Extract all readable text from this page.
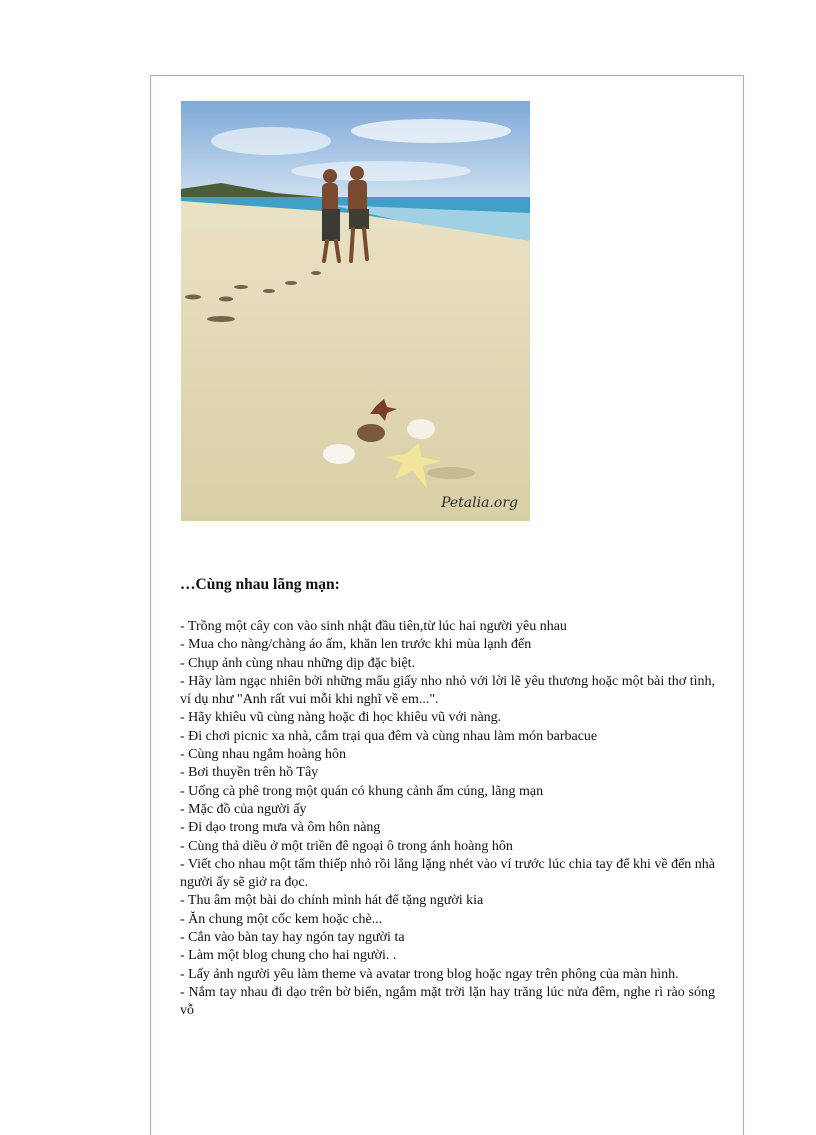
Petalia.org
…Cùng nhau lãng mạn:
- Trồng một cây con vào sinh nhật đầu tiên,từ lúc hai người yêu nhau
- Mua cho nàng/chàng áo ấm, khăn len trước khi mùa lạnh đến
- Chụp ảnh cùng nhau những dịp đặc biệt.
- Hãy làm ngạc nhiên bởi những mẩu giấy nho nhỏ với lời lẽ yêu thương hoặc một bài thơ tình, ví dụ như "Anh rất vui mỗi khi nghĩ về em...".
- Hãy khiêu vũ cùng nàng hoặc đi học khiêu vũ với nàng.
- Đi chơi picnic xa nhà, cắm trại qua đêm và cùng nhau làm món barbacue
- Cùng nhau ngắm hoàng hôn
- Bơi thuyền trên hồ Tây
- Uống cà phê trong một quán có khung cảnh ấm cúng, lãng mạn
- Mặc đồ của người ấy
- Đi dạo trong mưa và ôm hôn nàng
- Cùng thả diều ở một triền đê ngoại ô trong ánh hoàng hôn
- Viết cho nhau một tấm thiếp nhỏ rồi lẳng lặng nhét vào ví trước lúc chia tay để khi về đến nhà người ấy sẽ giở ra đọc.
- Thu âm một bài do chính mình hát để tặng người kia
- Ăn chung một cốc kem hoặc chè...
- Cắn vào bàn tay hay ngón tay người ta
- Làm một blog chung cho hai người. .
- Lấy ảnh người yêu làm theme và avatar trong blog hoặc ngay trên phông của màn hình.
- Nắm tay nhau đi dạo trên bờ biển, ngắm mặt trời lặn hay trăng lúc nửa đêm, nghe rì rào sóng vỗ
